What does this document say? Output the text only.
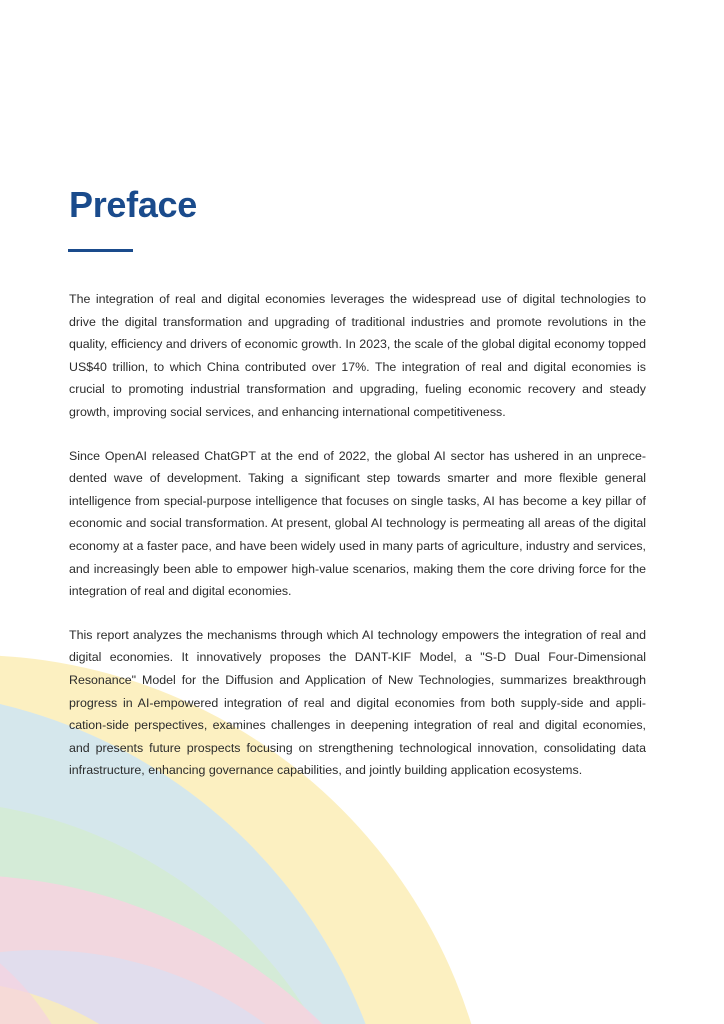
Preface

The integration of real and digital economies leverages the widespread use of digital technologies to drive the digital transformation and upgrading of traditional industries and promote revolutions in the quality, efficiency and drivers of economic growth. In 2023, the scale of the global digital economy topped US$40 trillion, to which China contributed over 17%. The integration of real and digital economies is crucial to promoting industrial transformation and upgrading, fueling economic recovery and steady growth, improving social services, and enhancing international competitiveness.

Since OpenAI released ChatGPT at the end of 2022, the global AI sector has ushered in an unprecedented wave of development. Taking a significant step towards smarter and more flexible general intelligence from special-purpose intelligence that focuses on single tasks, AI has become a key pillar of economic and social transformation. At present, global AI technology is permeating all areas of the digital economy at a faster pace, and have been widely used in many parts of agriculture, industry and services, and increasingly been able to empower high-value scenarios, making them the core driving force for the integration of real and digital economies.

This report analyzes the mechanisms through which AI technology empowers the integration of real and digital economies. It innovatively proposes the DANT-KIF Model, a "S-D Dual Four-Dimensional Resonance" Model for the Diffusion and Application of New Technologies, summarizes breakthrough progress in AI-empowered integration of real and digital economies from both supply-side and application-side perspectives, examines challenges in deepening integration of real and digital economies, and presents future prospects focusing on strengthening technological innovation, consolidating data infrastructure, enhancing governance capabilities, and jointly building application ecosystems.
